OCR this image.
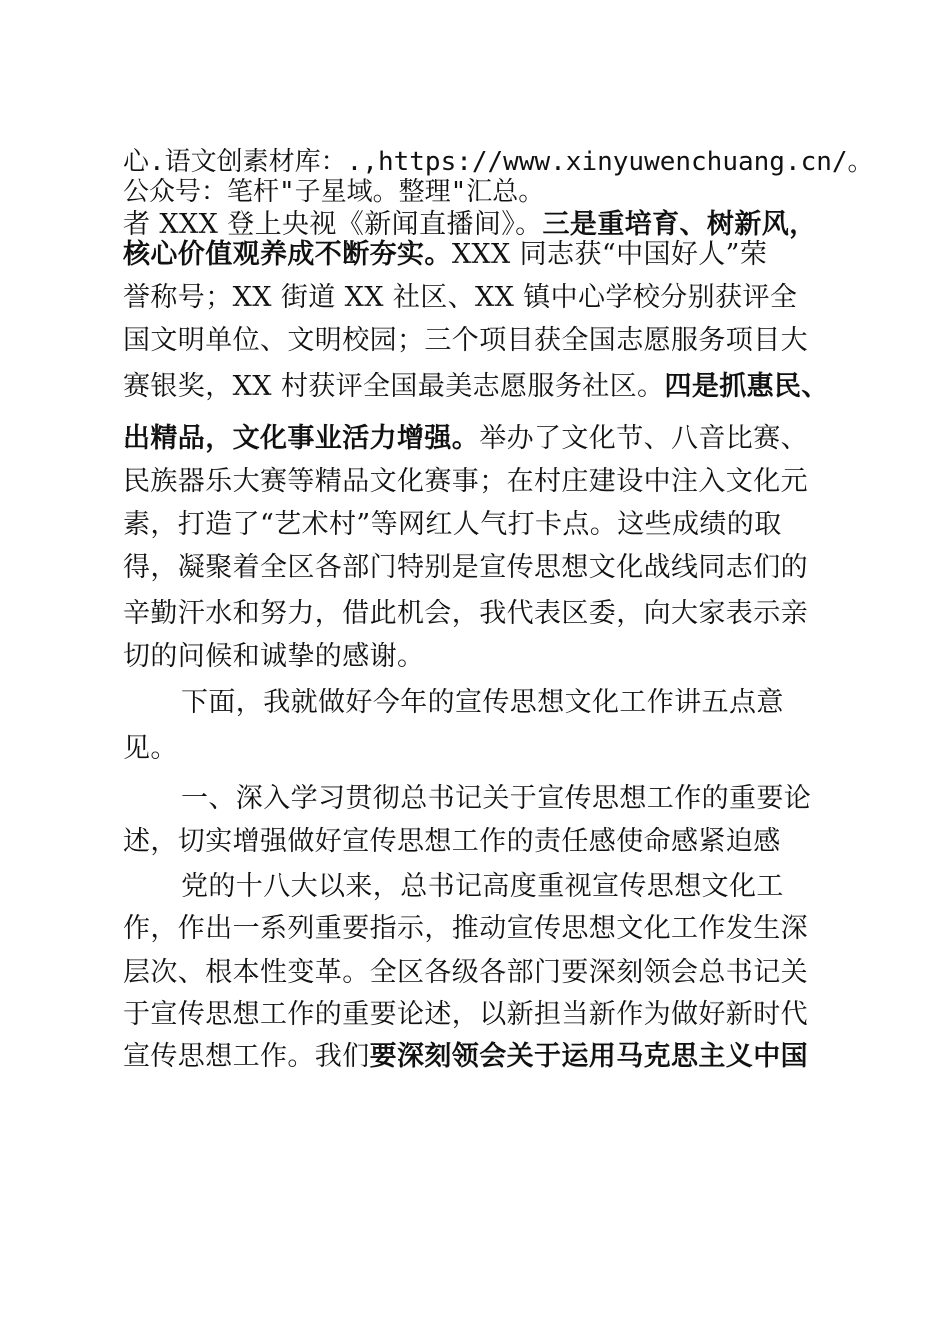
心.语文创素材库：.,https://www.xinyuwenchuang.cn/。
公众号：笔杆"子星域。整理"汇总。
者 XXX 登上央视《新闻直播间》。三是重培育、树新风，
核心价值观养成不断夯实。XXX 同志获“中国好人”荣
誉称号；XX 街道 XX 社区、XX 镇中心学校分别获评全
国文明单位、文明校园；三个项目获全国志愿服务项目大
赛银奖，XX 村获评全国最美志愿服务社区。四是抓惠民、
出精品，文化事业活力增强。举办了文化节、八音比赛、
民族器乐大赛等精品文化赛事；在村庄建设中注入文化元
素，打造了“艺术村”等网红人气打卡点。这些成绩的取
得，凝聚着全区各部门特别是宣传思想文化战线同志们的
辛勤汗水和努力，借此机会，我代表区委，向大家表示亲
切的问候和诚挚的感谢。
下面，我就做好今年的宣传思想文化工作讲五点意
见。
一、深入学习贯彻总书记关于宣传思想工作的重要论
述，切实增强做好宣传思想工作的责任感使命感紧迫感
党的十八大以来，总书记高度重视宣传思想文化工
作，作出一系列重要指示，推动宣传思想文化工作发生深
层次、根本性变革。全区各级各部门要深刻领会总书记关
于宣传思想工作的重要论述，以新担当新作为做好新时代
宣传思想工作。我们要深刻领会关于运用马克思主义中国
